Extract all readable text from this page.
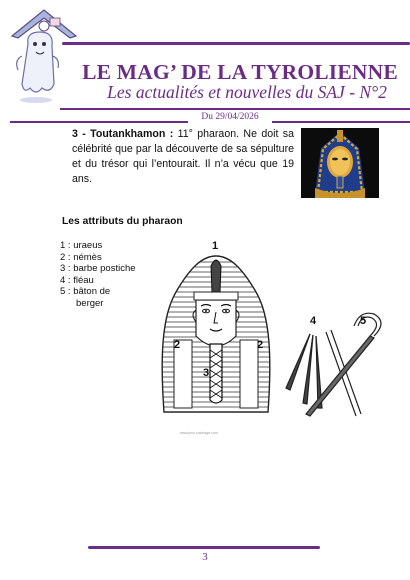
LE MAG’ DE LA TYROLIENNE
Les actualités et nouvelles du SAJ - N°2
Du 29/04/2026
3 - Toutankhamon : 11° pharaon. Ne doit sa célébrité que par la découverte de sa sépulture et du trésor qui l’entourait. Il n’a vécu que 19 ans.
Les attributs du pharaon
1 : uraeus
2 : némès
3 : barbe postiche
4 : fléau
5 : bâton de
berger
1
2	2
3
4	5
www.jeux-coloriage.com
3
